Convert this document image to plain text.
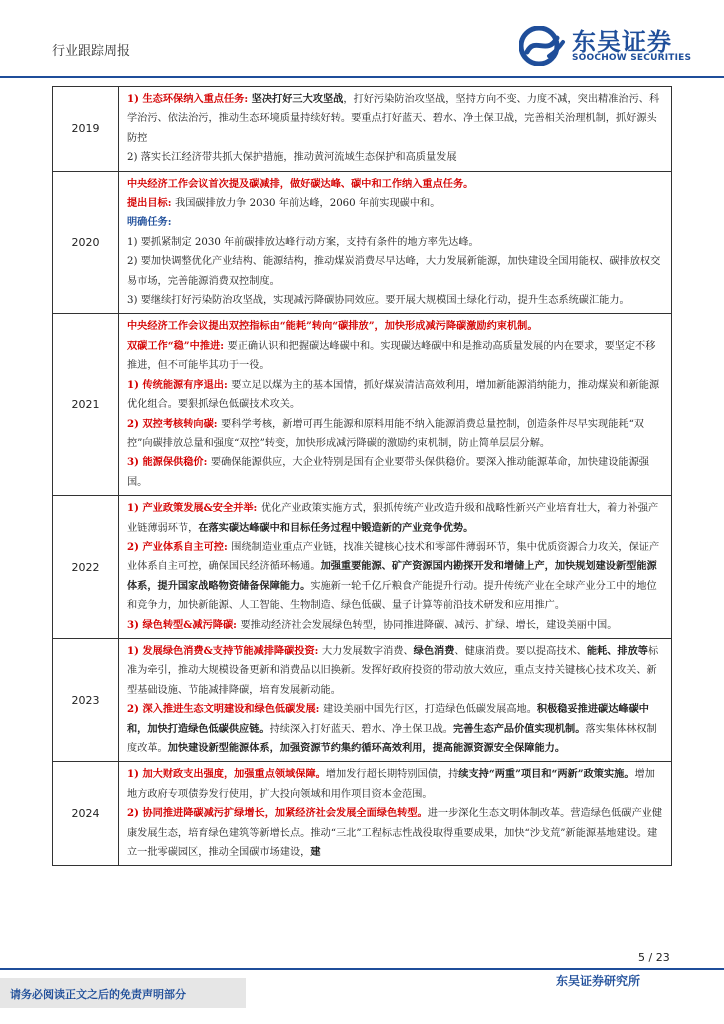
行业跟踪周报	东吴证券
SOOCHOW SECURITIES
2019

1) 生态环保纳入重点任务: 坚决打好三大攻坚战，打好污染防治攻坚战，坚持方向不变、力度不减，突出精准治污、科学治污、依法治污，推动生态环境质量持续好转。要重点打好蓝天、碧水、净土保卫战，完善相关治理机制，抓好源头防控

2) 落实长江经济带共抓大保护措施，推动黄河流域生态保护和高质量发展

2020

中央经济工作会议首次提及碳减排，做好碳达峰、碳中和工作纳入重点任务。

提出目标: 我国碳排放力争 2030 年前达峰，2060 年前实现碳中和。

明确任务:

1) 要抓紧制定 2030 年前碳排放达峰行动方案，支持有条件的地方率先达峰。

2) 要加快调整优化产业结构、能源结构，推动煤炭消费尽早达峰，大力发展新能源，加快建设全国用能权、碳排放权交易市场，完善能源消费双控制度。

3) 要继续打好污染防治攻坚战，实现减污降碳协同效应。要开展大规模国土绿化行动，提升生态系统碳汇能力。

2021

中央经济工作会议提出双控指标由“能耗”转向“碳排放”，加快形成减污降碳激励约束机制。

双碳工作“稳”中推进: 要正确认识和把握碳达峰碳中和。实现碳达峰碳中和是推动高质量发展的内在要求，要坚定不移推进，但不可能毕其功于一役。

1) 传统能源有序退出: 要立足以煤为主的基本国情，抓好煤炭清洁高效利用，增加新能源消纳能力，推动煤炭和新能源优化组合。要狠抓绿色低碳技术攻关。

2) 双控考核转向碳: 要科学考核，新增可再生能源和原料用能不纳入能源消费总量控制，创造条件尽早实现能耗“双控”向碳排放总量和强度“双控”转变，加快形成减污降碳的激励约束机制，防止简单层层分解。

3) 能源保供稳价: 要确保能源供应，大企业特别是国有企业要带头保供稳价。要深入推动能源革命，加快建设能源强国。

2022

1) 产业政策发展&安全并举: 优化产业政策实施方式，狠抓传统产业改造升级和战略性新兴产业培育壮大，着力补强产业链薄弱环节，在落实碳达峰碳中和目标任务过程中锻造新的产业竞争优势。

2) 产业体系自主可控: 围绕制造业重点产业链，找准关键核心技术和零部件薄弱环节，集中优质资源合力攻关，保证产业体系自主可控，确保国民经济循环畅通。加强重要能源、矿产资源国内勘探开发和增储上产，加快规划建设新型能源体系，提升国家战略物资储备保障能力。实施新一轮千亿斤粮食产能提升行动。提升传统产业在全球产业分工中的地位和竞争力，加快新能源、人工智能、生物制造、绿色低碳、量子计算等前沿技术研发和应用推广。

3) 绿色转型&减污降碳: 要推动经济社会发展绿色转型，协同推进降碳、减污、扩绿、增长，建设美丽中国。

2023

1) 发展绿色消费&支持节能减排降碳投资: 大力发展数字消费、绿色消费、健康消费。要以提高技术、能耗、排放等标准为牵引，推动大规模设备更新和消费品以旧换新。发挥好政府投资的带动放大效应，重点支持关键核心技术攻关、新型基础设施、节能减排降碳，培育发展新动能。

2) 深入推进生态文明建设和绿色低碳发展: 建设美丽中国先行区，打造绿色低碳发展高地。积极稳妥推进碳达峰碳中和，加快打造绿色低碳供应链。持续深入打好蓝天、碧水、净土保卫战。完善生态产品价值实现机制。落实集体林权制度改革。加快建设新型能源体系，加强资源节约集约循环高效利用，提高能源资源安全保障能力。

2024

1) 加大财政支出强度，加强重点领域保障。增加发行超长期特别国债，持续支持“两重”项目和“两新”政策实施。增加地方政府专项债券发行使用，扩大投向领域和用作项目资本金范围。

2) 协同推进降碳减污扩绿增长，加紧经济社会发展全面绿色转型。进一步深化生态文明体制改革。营造绿色低碳产业健康发展生态，培育绿色建筑等新增长点。推动“三北”工程标志性战役取得重要成果，加快“沙戈荒”新能源基地建设。建立一批零碳园区，推动全国碳市场建设，建

5 / 23
请务必阅读正文之后的免责声明部分
东吴证券研究所
